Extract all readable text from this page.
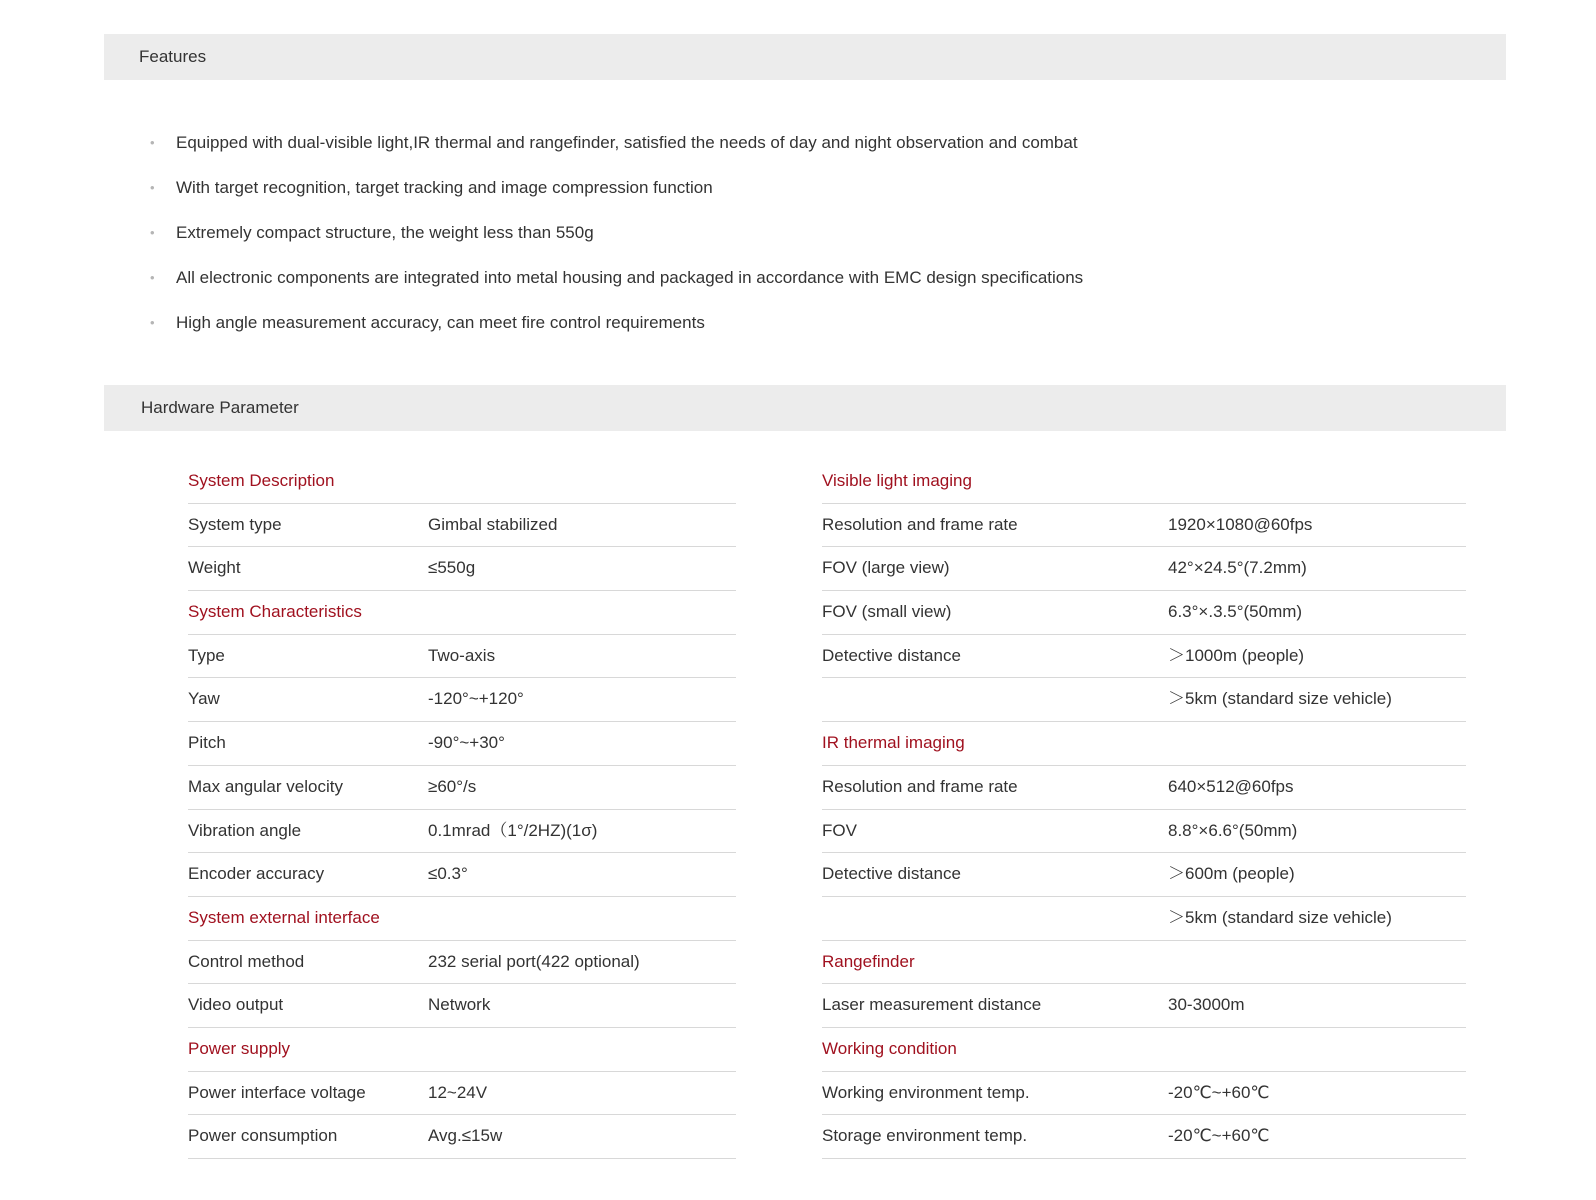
Features
• Equipped with dual-visible light,IR thermal and rangefinder, satisfied the needs of day and night observation and combat
• With target recognition, target tracking and image compression function
• Extremely compact structure, the weight less than 550g
• All electronic components are integrated into metal housing and packaged in accordance with EMC design specifications
• High angle measurement accuracy, can meet fire control requirements
Hardware Parameter
System Description
System type	Gimbal stabilized
Weight	≤550g
System Characteristics
Type	Two-axis
Yaw	-120°~+120°
Pitch	-90°~+30°
Max angular velocity	≥60°/s
Vibration angle	0.1mrad（1°/2HZ)(1σ)
Encoder accuracy	≤0.3°
System external interface
Control method	232 serial port(422 optional)
Video output	Network
Power supply
Power interface voltage	12~24V
Power consumption	Avg.≤15w
Visible light imaging
Resolution and frame rate	1920×1080@60fps
FOV (large view)	42°×24.5°(7.2mm)
FOV (small view)	6.3°×.3.5°(50mm)
Detective distance	＞1000m (people)
＞5km (standard size vehicle)
IR thermal imaging
Resolution and frame rate	640×512@60fps
FOV	8.8°×6.6°(50mm)
Detective distance	＞600m (people)
＞5km (standard size vehicle)
Rangefinder
Laser measurement distance	30-3000m
Working condition
Working environment temp.	-20℃~+60℃
Storage environment temp.	-20℃~+60℃
